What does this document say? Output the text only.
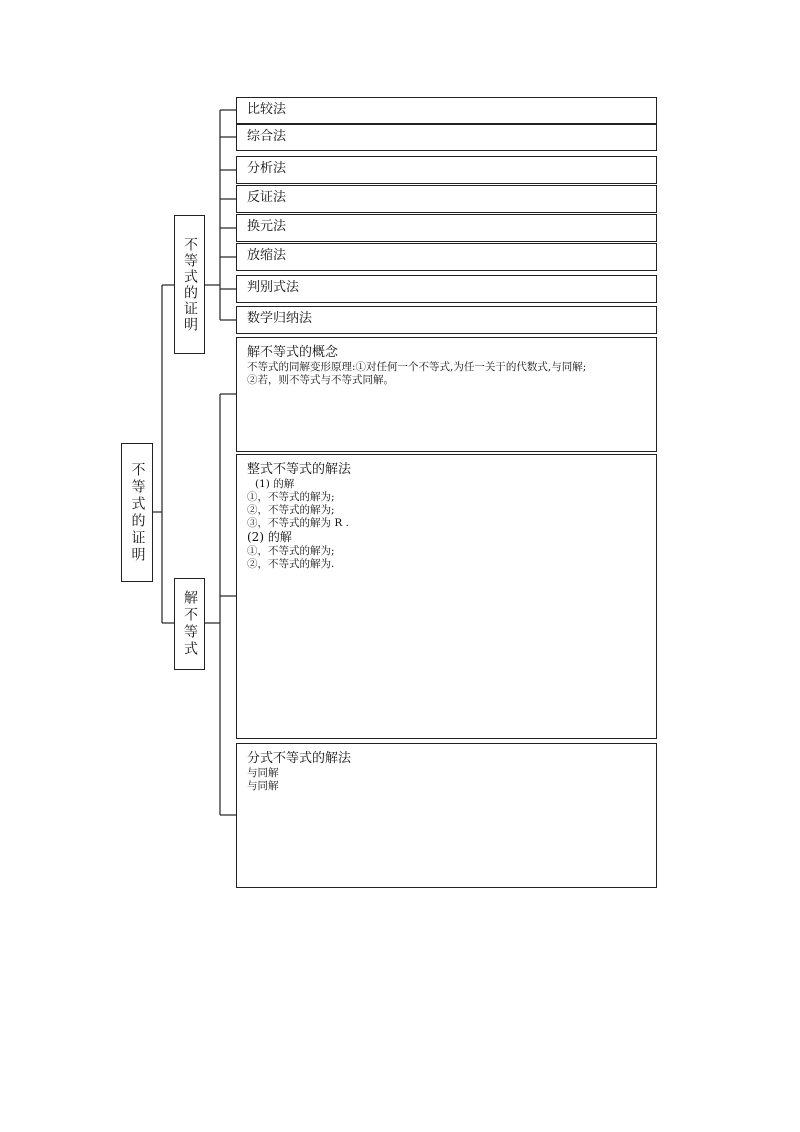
不等式的证明
不等式的证明
解不等式
比较法
综合法
分析法
反证法
换元法
放缩法
判别式法
数学归纳法
解不等式的概念
不等式的同解变形原理:①对任何一个不等式,为任一关于的代数式,与同解;
②若，则不等式与不等式同解。
整式不等式的解法
(1) 的解
①，不等式的解为;
②，不等式的解为;
③，不等式的解为 R .
(2) 的解
①，不等式的解为;
②，不等式的解为.
分式不等式的解法
与同解
与同解
